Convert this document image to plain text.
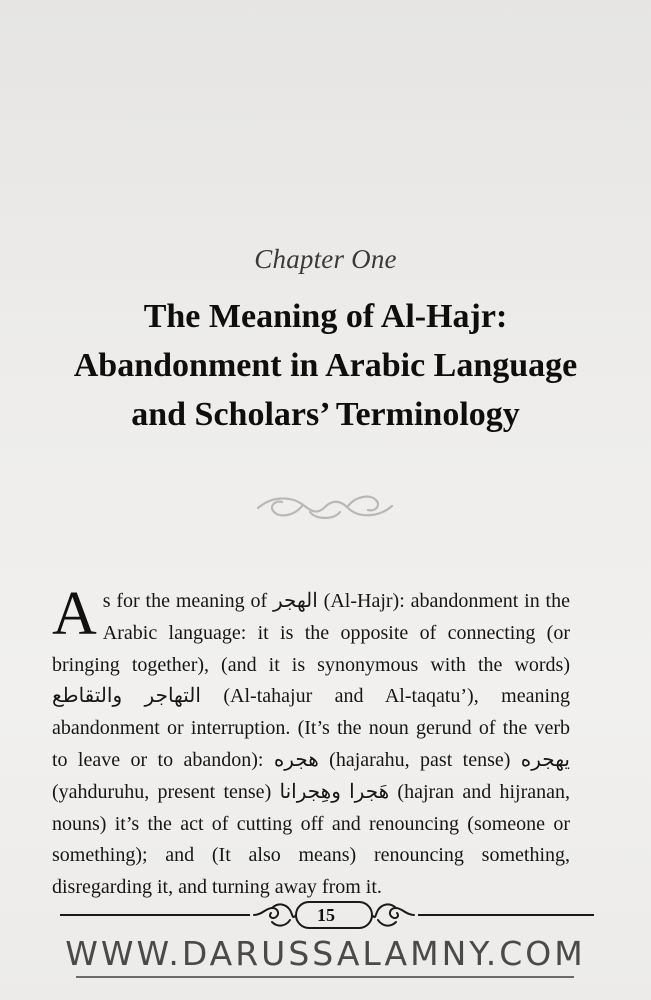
Chapter One
The Meaning of Al-Hajr: Abandonment in Arabic Language and Scholars’ Terminology
As for the meaning of الهجر (Al-Hajr): abandonment in the Arabic language: it is the opposite of connecting (or bringing together), (and it is synonymous with the words) التهاجر والتقاطع (Al-tahajur and Al-taqatu’), meaning abandonment or interruption. (It’s the noun gerund of the verb to leave or to abandon): هجره (hajarahu, past tense) يهجره (yahduruhu, present tense) هَجرا وهِجرانا (hajran and hijranan, nouns) it’s the act of cutting off and renouncing (someone or something); and (It also means) renouncing something, disregarding it, and turning away from it.
15
WWW.DARUSSALAMNY.COM
